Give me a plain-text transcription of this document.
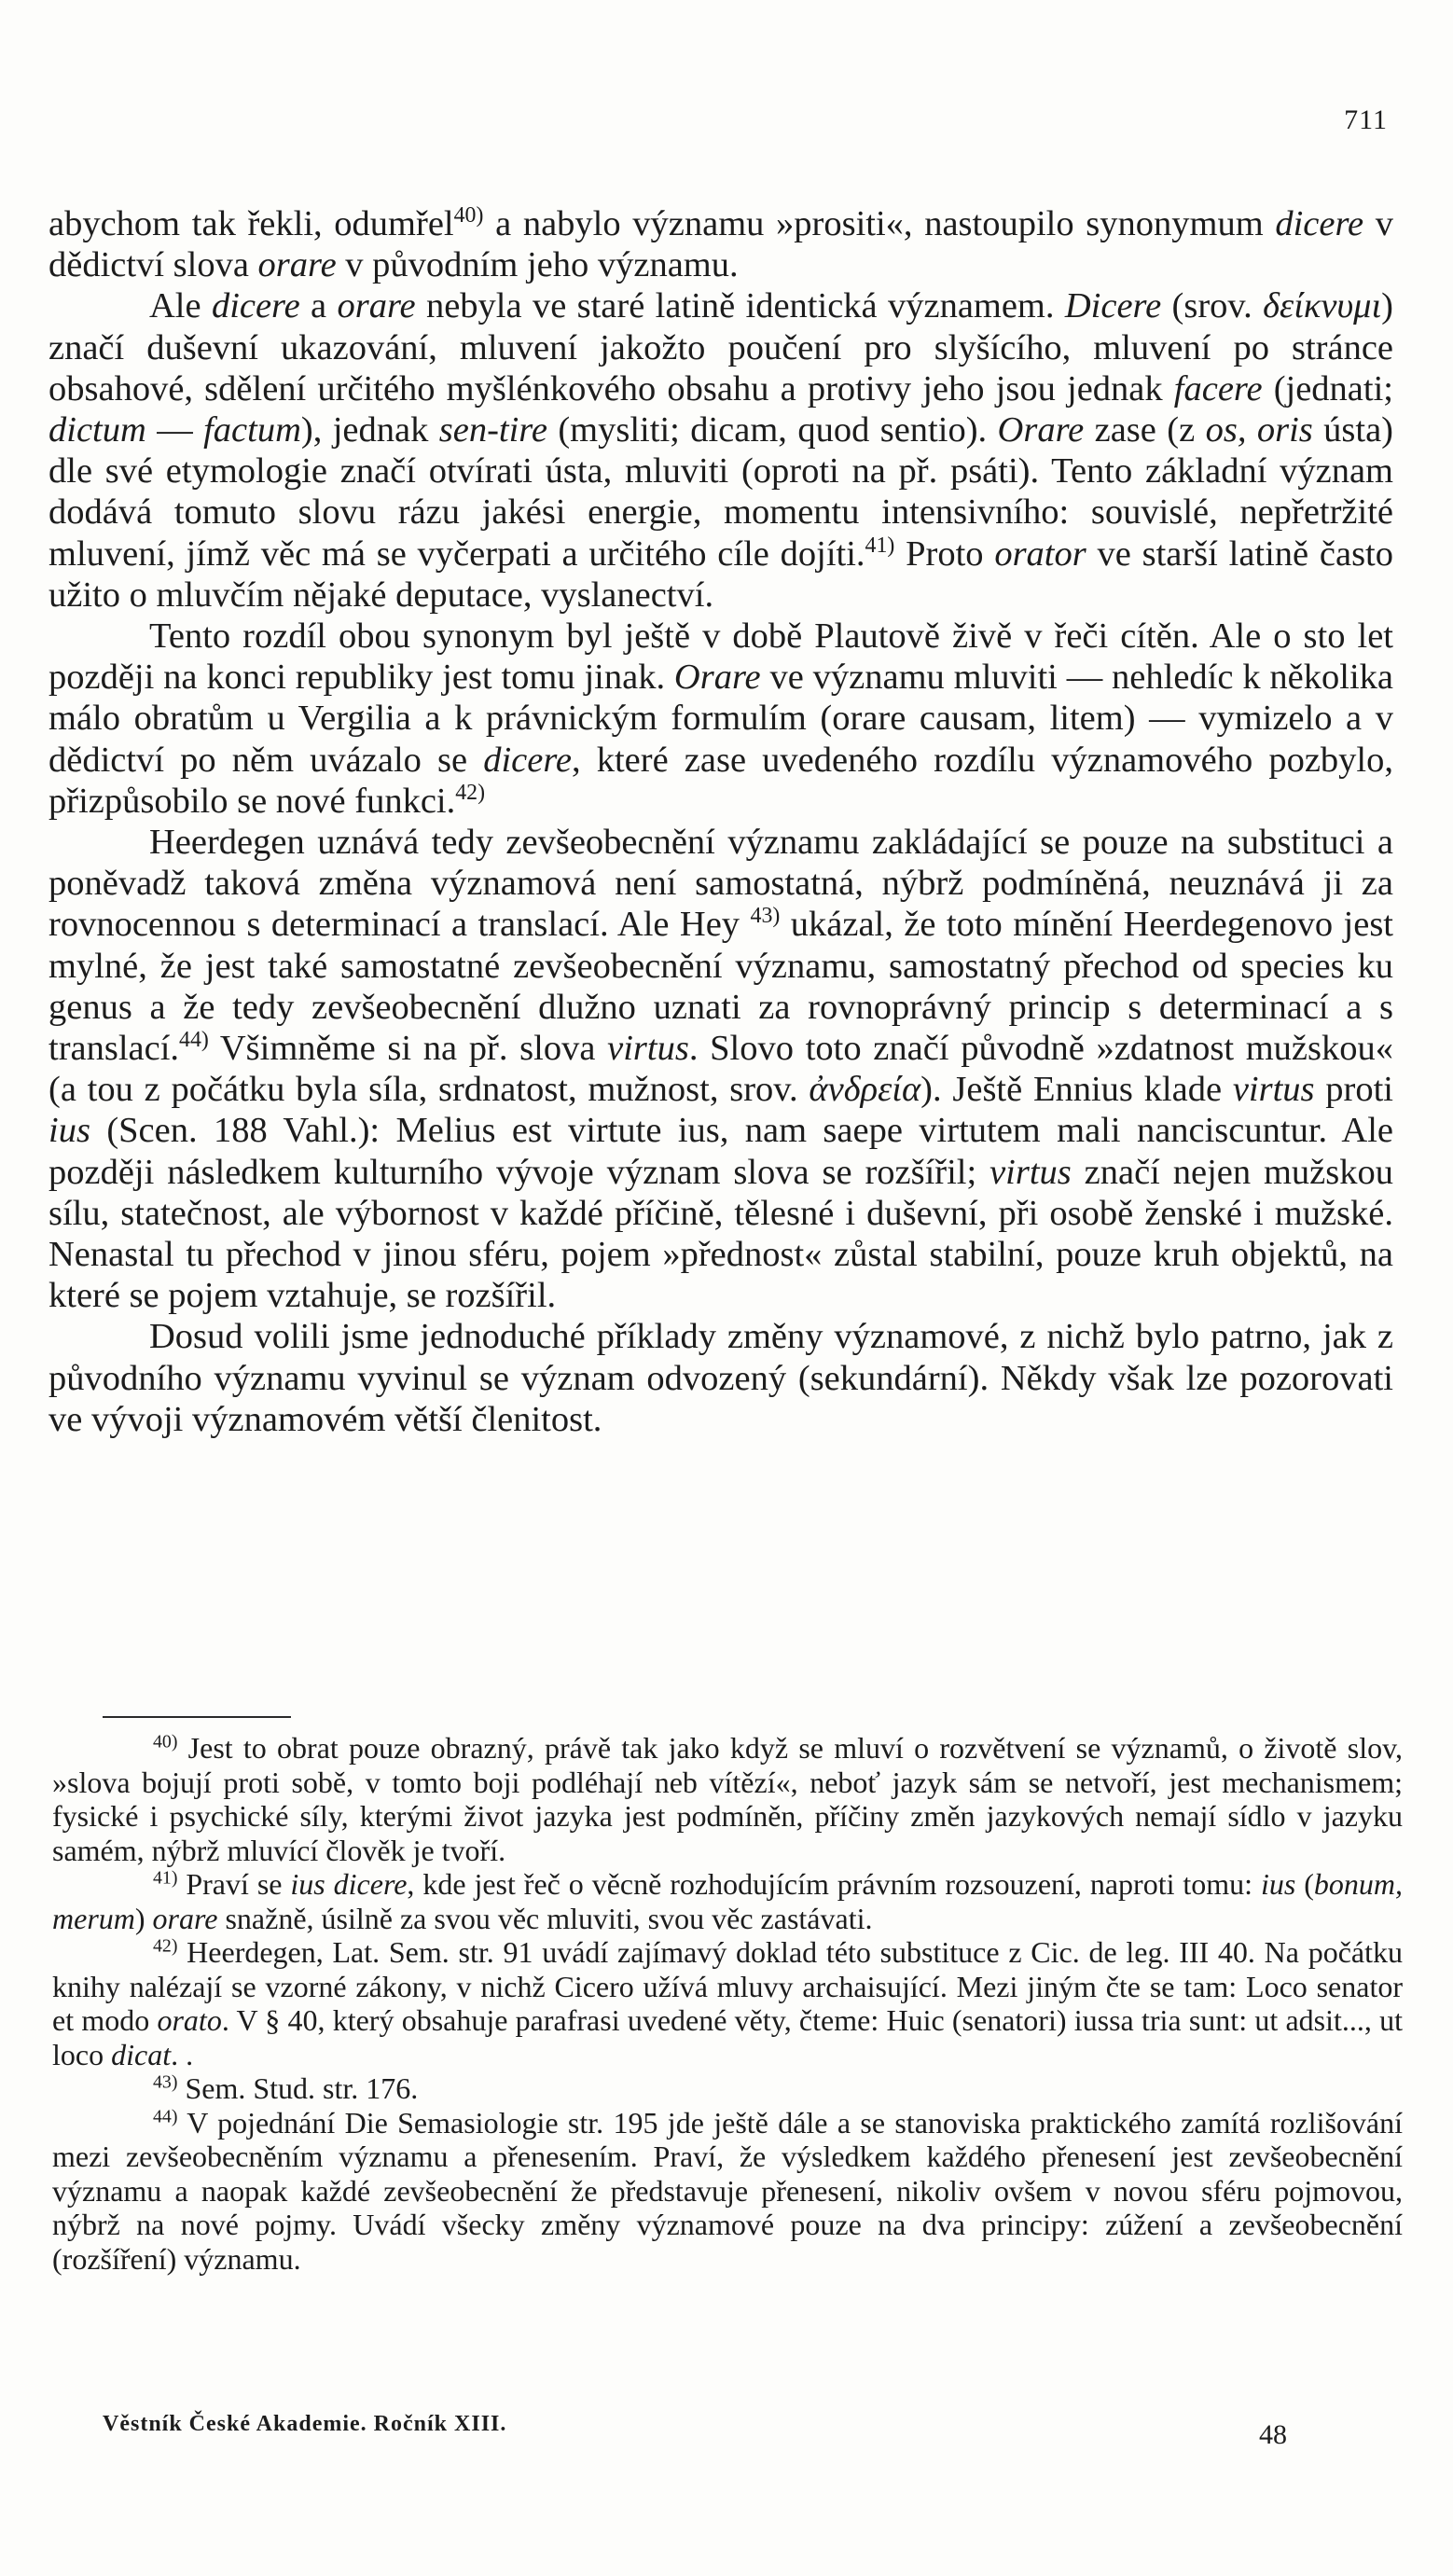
711

abychom tak řekli, odumřel$^{40)}$ a nabylo významu »prositi«, nastoupilo synonymum dicere v dědictví slova orare v původním jeho významu.

Ale dicere a orare nebyla ve staré latině identická významem. Dicere (srov. δείκνυμι) značí duševní ukazování, mluvení jakožto poučení pro slyšícího, mluvení po stránce obsahové, sdělení určitého myšlénkového obsahu a protivy jeho jsou jednak facere (jednati; dictum — factum), jednak sen-tire (mysliti; dicam, quod sentio). Orare zase (z os, oris ústa) dle své etymologie značí otvírati ústa, mluviti (oproti na př. psáti). Tento základní význam dodává tomuto slovu rázu jakési energie, momentu intensivního: souvislé, nepřetržité mluvení, jímž věc má se vyčerpati a určitého cíle dojíti.$^{41)}$ Proto orator ve starší latině často užito o mluvčím nějaké deputace, vyslanectví.

Tento rozdíl obou synonym byl ještě v době Plautově živě v řeči cítěn. Ale o sto let později na konci republiky jest tomu jinak. Orare ve významu mluviti — nehledíc k několika málo obratům u Vergilia a k právnickým formulím (orare causam, litem) — vymizelo a v dědictví po něm uvázalo se dicere, které zase uvedeného rozdílu významového pozbylo, přizpůsobilo se nové funkci.$^{42)}$

Heerdegen uznává tedy zevšeobecnění významu zakládající se pouze na substituci a poněvadž taková změna významová není samostatná, nýbrž podmíněná, neuznává ji za rovnocennou s determinací a translací. Ale Hey $^{43)}$ ukázal, že toto mínění Heerdegenovo jest mylné, že jest také samostatné zevšeobecnění významu, samostatný přechod od species ku genus a že tedy zevšeobecnění dlužno uznati za rovnoprávný princip s determinací a s translací.$^{44)}$ Všimněme si na př. slova virtus. Slovo toto značí původně »zdatnost mužskou« (a tou z počátku byla síla, srdnatost, mužnost, srov. ἀνδρεία). Ještě Ennius klade virtus proti ius (Scen. 188 Vahl.): Melius est virtute ius, nam saepe virtutem mali nanciscuntur. Ale později následkem kulturního vývoje význam slova se rozšířil; virtus značí nejen mužskou sílu, statečnost, ale výbornost v každé příčině, tělesné i duševní, při osobě ženské i mužské. Nenastal tu přechod v jinou sféru, pojem »přednost« zůstal stabilní, pouze kruh objektů, na které se pojem vztahuje, se rozšířil.

Dosud volili jsme jednoduché příklady změny významové, z nichž bylo patrno, jak z původního významu vyvinul se význam odvozený (sekundární). Někdy však lze pozorovati ve vývoji významovém větší členitost.

$^{40)}$ Jest to obrat pouze obrazný, právě tak jako když se mluví o rozvětvení se významů, o životě slov, »slova bojují proti sobě, v tomto boji podléhají neb vítězí«, neboť jazyk sám se netvoří, jest mechanismem; fysické i psychické síly, kterými život jazyka jest podmíněn, příčiny změn jazykových nemají sídlo v jazyku samém, nýbrž mluvící člověk je tvoří.

$^{41)}$ Praví se ius dicere, kde jest řeč o věcně rozhodujícím právním rozsouzení, naproti tomu: ius (bonum, merum) orare snažně, úsilně za svou věc mluviti, svou věc zastávati.

$^{42)}$ Heerdegen, Lat. Sem. str. 91 uvádí zajímavý doklad této substituce z Cic. de leg. III 40. Na počátku knihy nalézají se vzorné zákony, v nichž Cicero užívá mluvy archaisující. Mezi jiným čte se tam: Loco senator et modo orato. V § 40, který obsahuje parafrasi uvedené věty, čteme: Huic (senatori) iussa tria sunt: ut adsit..., ut loco dicat. .

$^{43)}$ Sem. Stud. str. 176.

$^{44)}$ V pojednání Die Semasiologie str. 195 jde ještě dále a se stanoviska praktického zamítá rozlišování mezi zevšeobecněním významu a přenesením. Praví, že výsledkem každého přenesení jest zevšeobecnění významu a naopak každé zevšeobecnění že představuje přenesení, nikoliv ovšem v novou sféru pojmovou, nýbrž na nové pojmy. Uvádí všecky změny významové pouze na dva principy: zúžení a zevšeobecnění (rozšíření) významu.

Věstník České Akademie. Ročník XIII.	48
